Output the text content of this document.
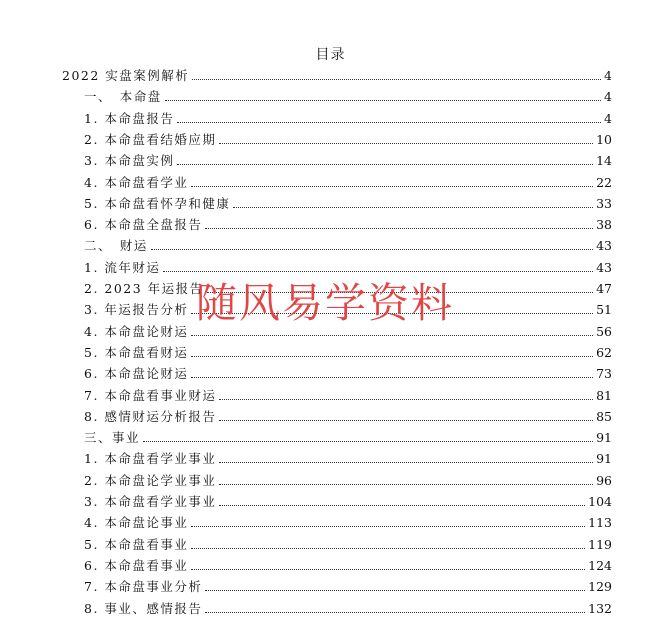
目录
2022 实盘案例解析	4
一、　本命盘	4
1. 本命盘报告	4
2. 本命盘看结婚应期	10
3. 本命盘实例	14
4. 本命盘看学业	22
5. 本命盘看怀孕和健康	33
6. 本命盘全盘报告	38
二、　财运	43
1. 流年财运	43
2. 2023 年运报告	47
3. 年运报告分析	51
4. 本命盘论财运	56
5. 本命盘看财运	62
6. 本命盘论财运	73
7. 本命盘看事业财运	81
8. 感情财运分析报告	85
三、事业	91
1. 本命盘看学业事业	91
2. 本命盘论学业事业	96
3. 本命盘看学业事业	104
4. 本命盘论事业	113
5. 本命盘看事业	119
6. 本命盘看事业	124
7. 本命盘事业分析	129
8. 事业、感情报告	132
随风易学资料
